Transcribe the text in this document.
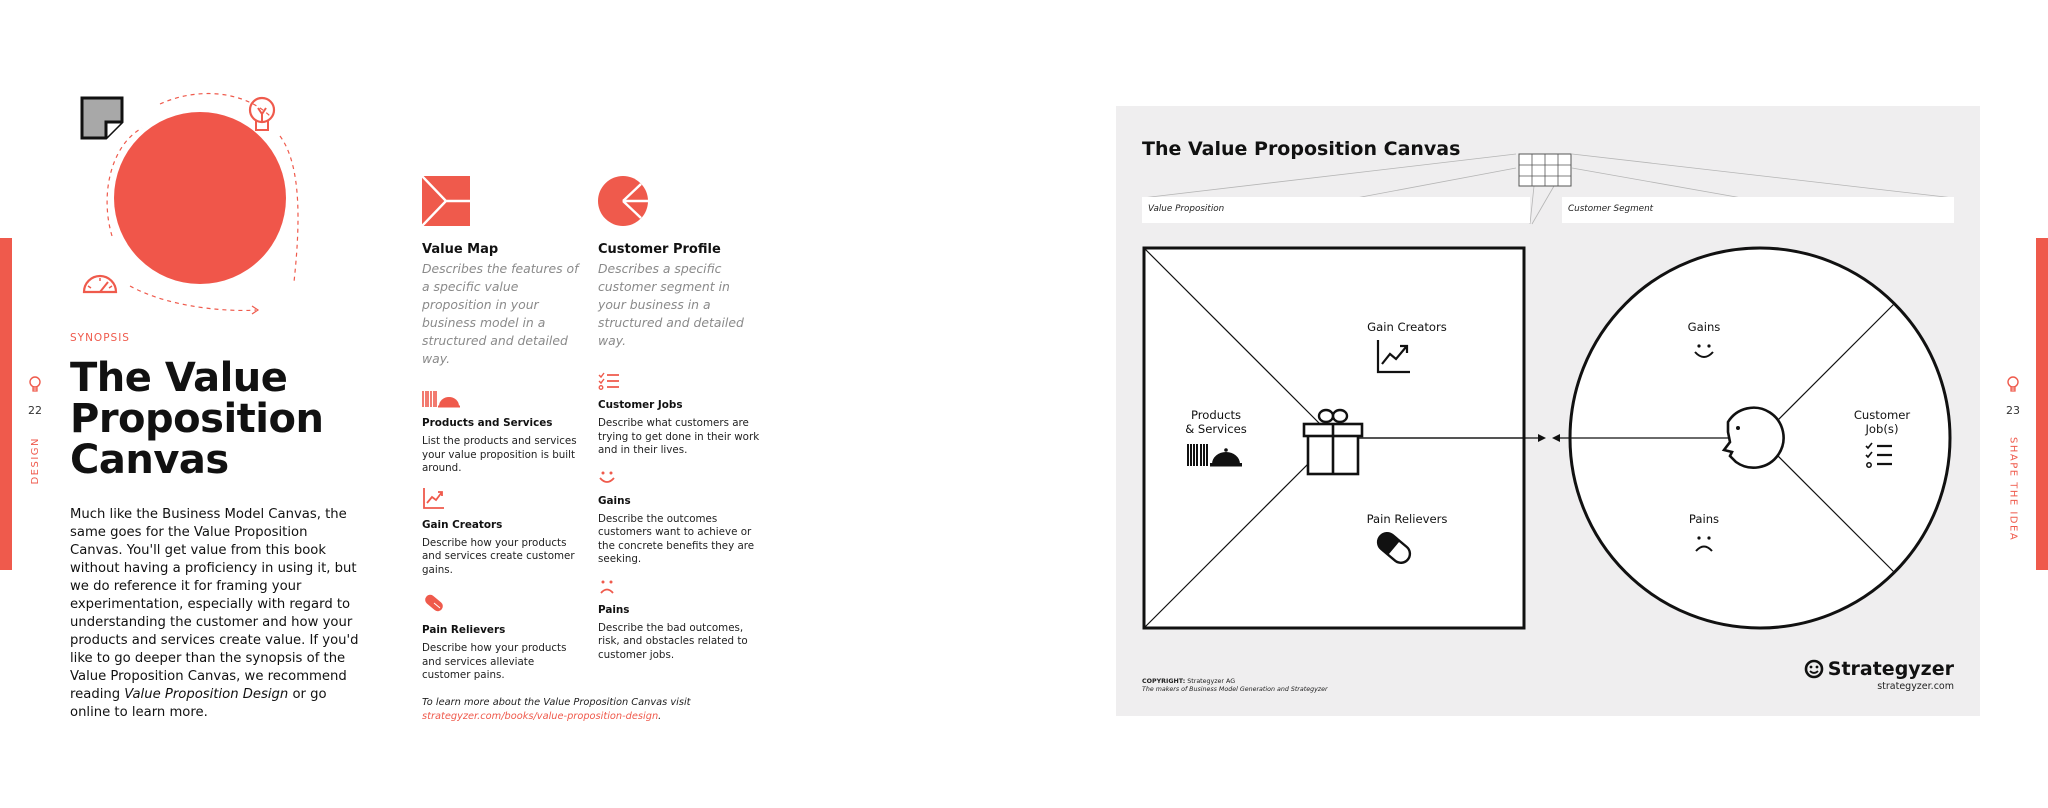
22
DESIGN
23
SHAPE THE IDEA
SYNOPSIS
The Value
Proposition
Canvas
Much like the Business Model Canvas, the same goes for the Value Proposition Canvas. You'll get value from this book without having a proficiency in using it, but we do reference it for framing your experimentation, especially with regard to understanding the customer and how your products and services create value. If you'd like to go deeper than the synopsis of the Value Proposition Canvas, we recommend reading Value Proposition Design or go online to learn more.
Value Map
Describes the features of a specific value proposition in your business model in a structured and detailed way.
Products and Services
List the products and services your value proposition is built around.
Gain Creators
Describe how your products and services create customer gains.
Pain Relievers
Describe how your products and services alleviate customer pains.
Customer Profile
Describes a specific customer segment in your business in a structured and detailed way.
Customer Jobs
Describe what customers are trying to get done in their work and in their lives.
Gains
Describe the outcomes customers want to achieve or the concrete benefits they are seeking.
Pains
Describe the bad outcomes, risk, and obstacles related to customer jobs.
To learn more about the Value Proposition Canvas visit
strategyzer.com/books/value-proposition-design.
The Value Proposition Canvas
Value Proposition	Customer Segment
Gain Creators
Products
& Services
Pain Relievers
Gains
Pains
Customer
Job(s)
COPYRIGHT: Strategyzer AG
The makers of Business Model Generation and Strategyzer
Strategyzer
strategyzer.com
